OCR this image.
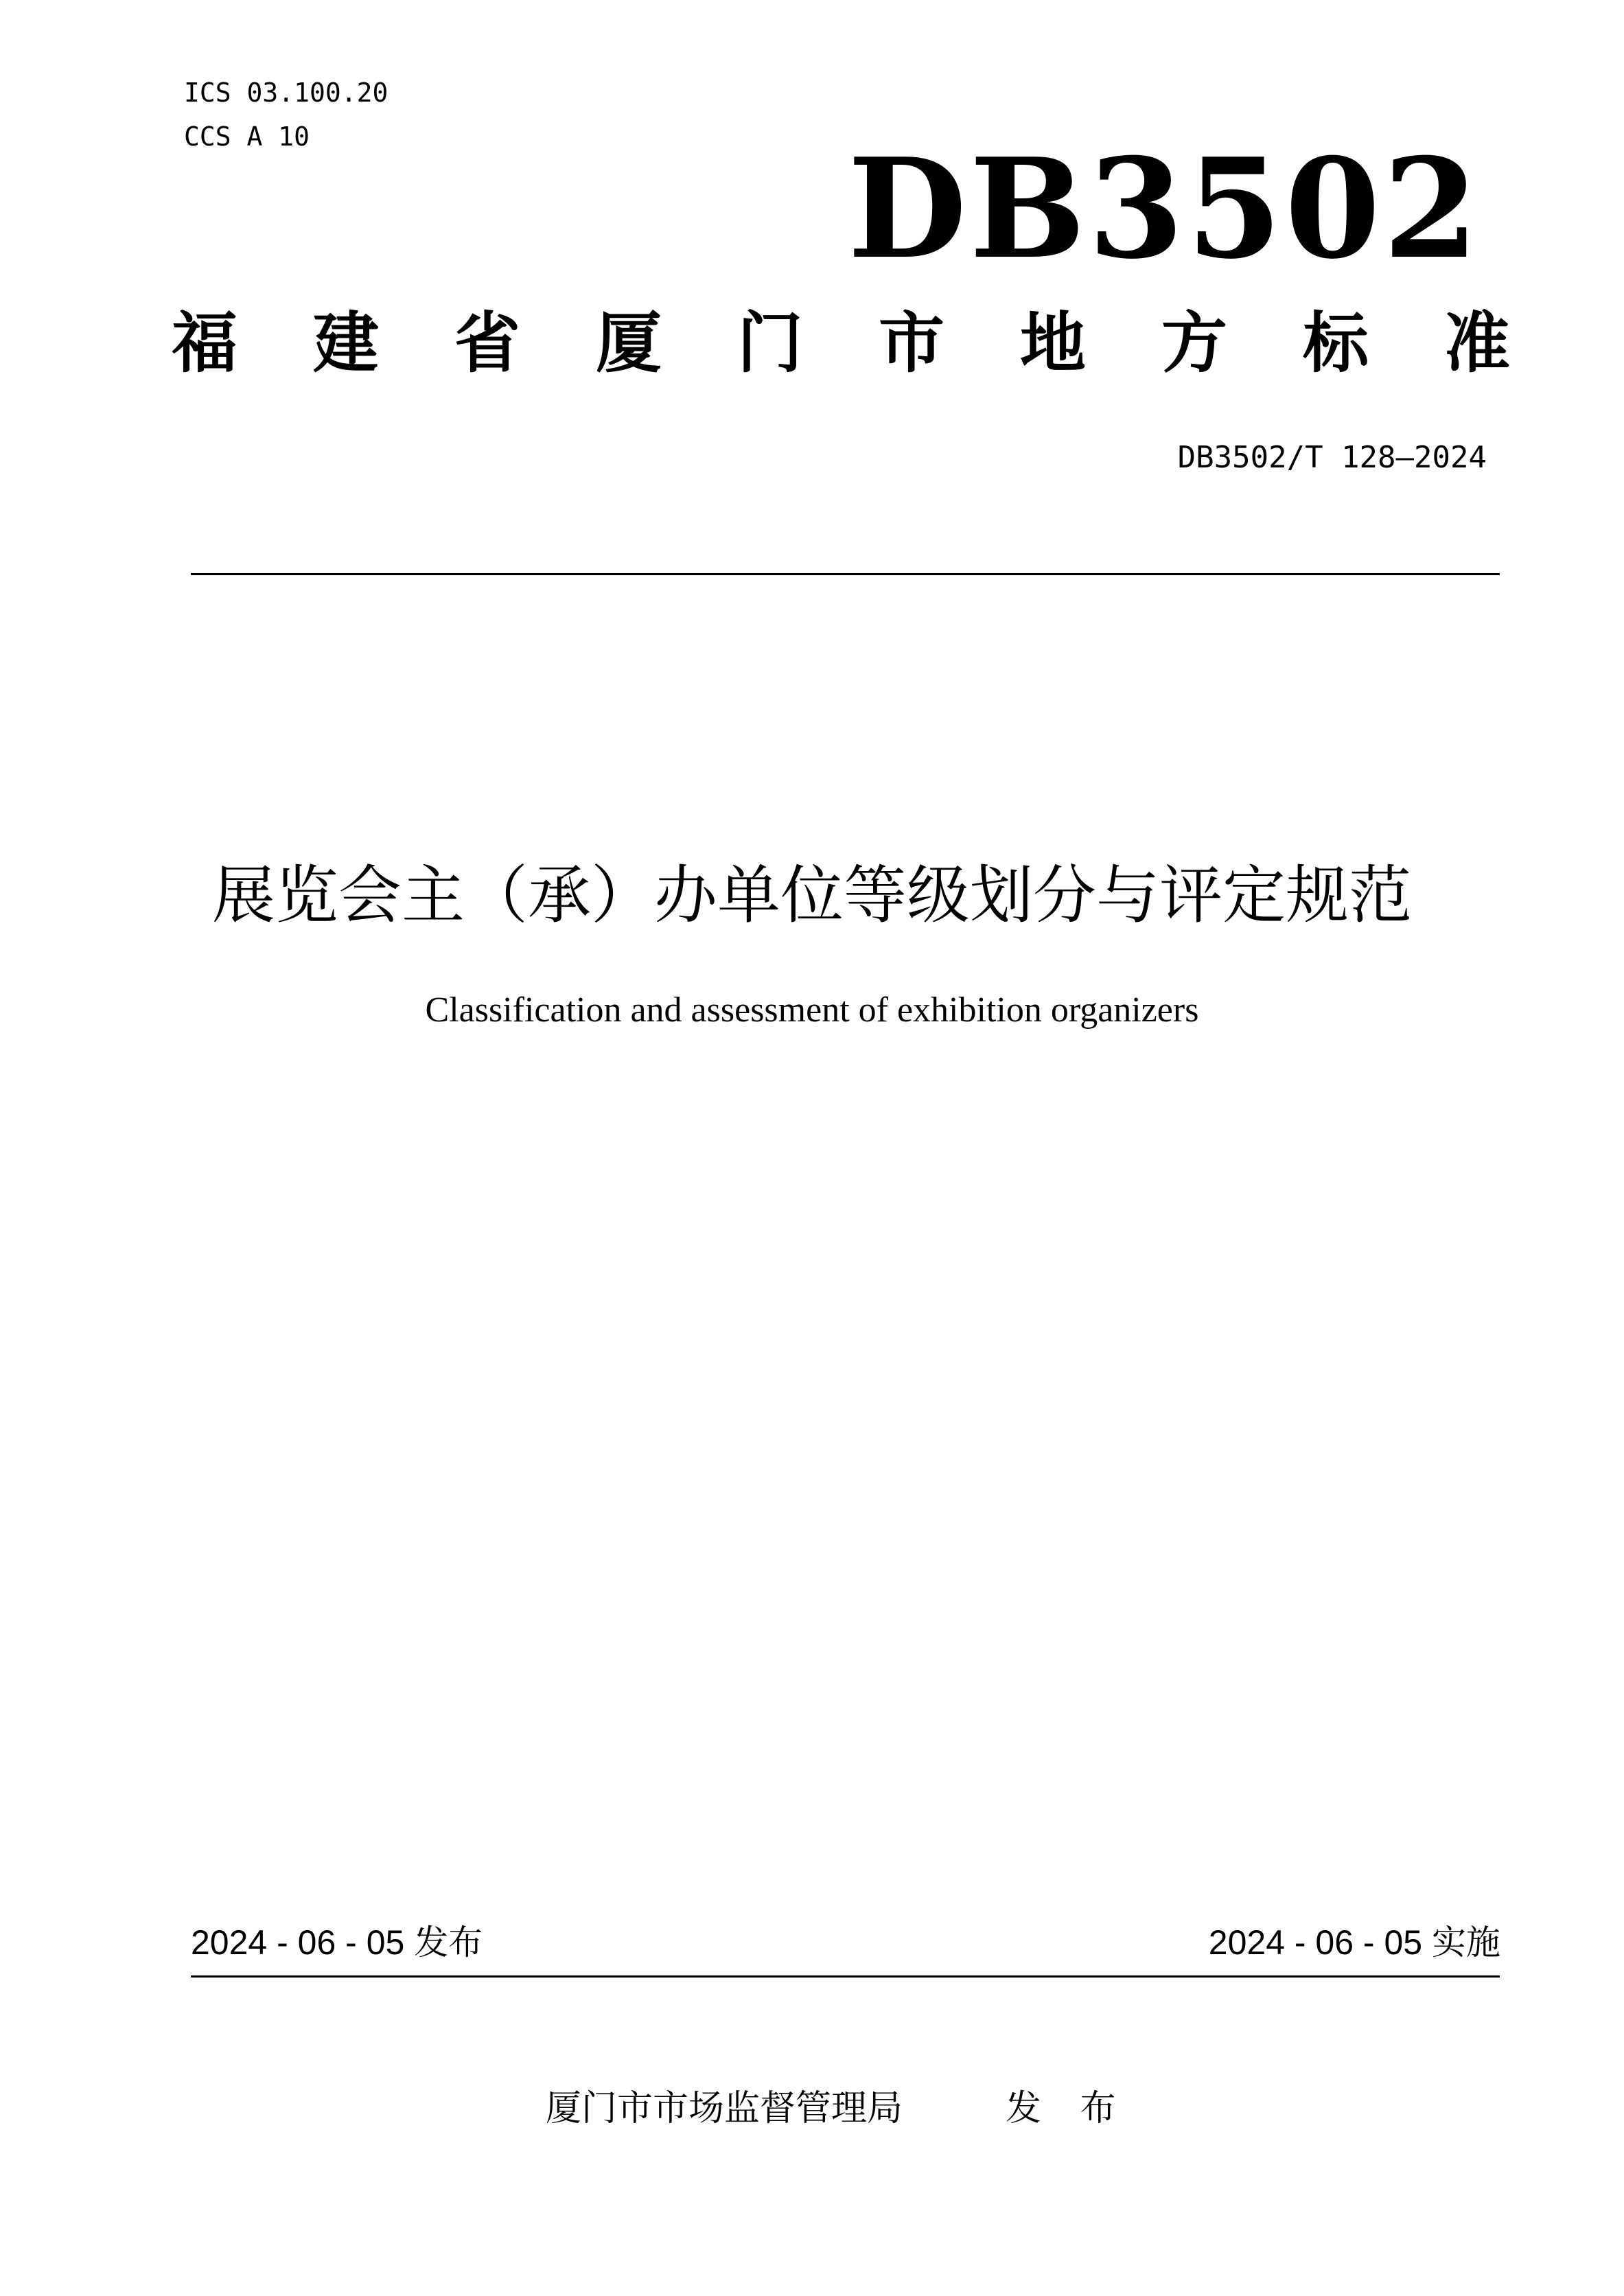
ICS 03.100.20
CCS A 10	DB3502
福 建 省 厦 门 市 地 方 标 准
DB3502/T 128—2024
展览会主（承）办单位等级划分与评定规范
Classification and assessment of exhibition organizers
2024 - 06 - 05 发布	2024 - 06 - 05 实施
厦门市市场监督管理局	发 布
